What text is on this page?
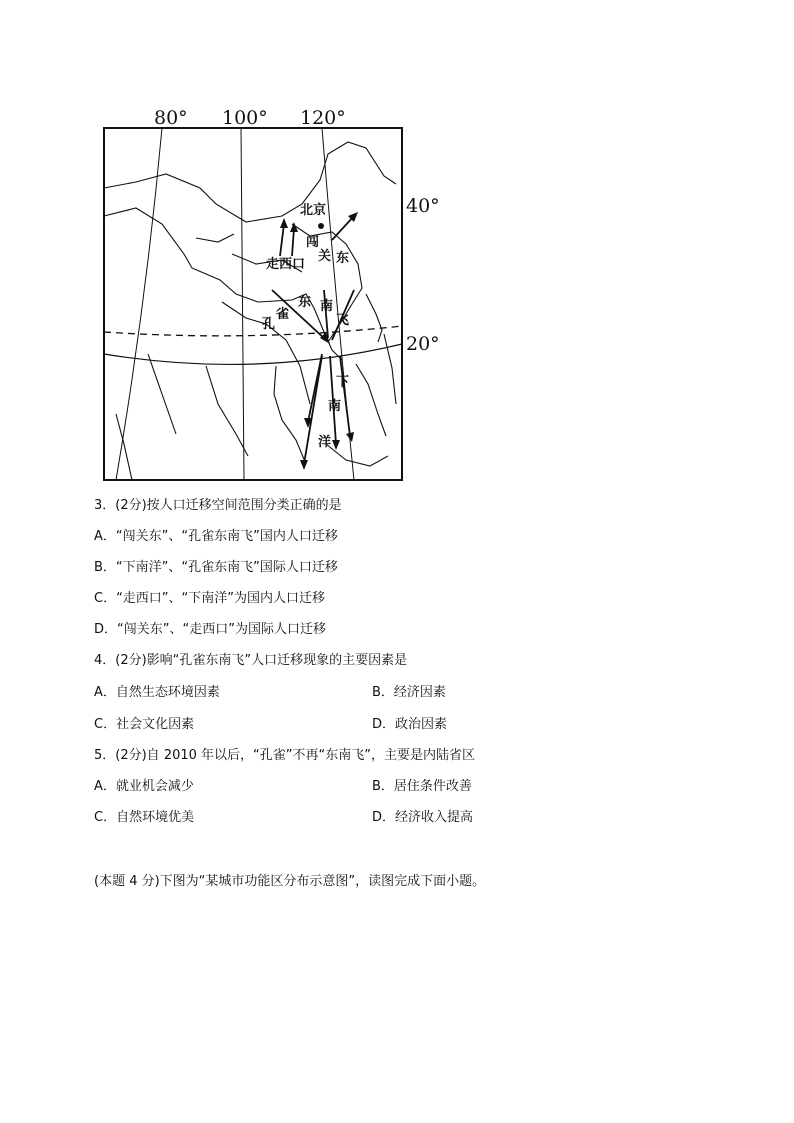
80° 100° 120°
40°
20°
北京
闯
关 东
走西口
孔
雀
东 南
飞
下
南
洋
3．(2分)按人口迁移空间范围分类正确的是
A．“闯关东”、“孔雀东南飞”国内人口迁移
B．“下南洋”、“孔雀东南飞”国际人口迁移
C．“走西口”、“下南洋”为国内人口迁移
D．“闯关东”、“走西口”为国际人口迁移
4．(2分)影响“孔雀东南飞”人口迁移现象的主要因素是
A．自然生态环境因素	B．经济因素
C．社会文化因素	D．政治因素
5．(2分)自 2010 年以后，“孔雀”不再“东南飞”，主要是内陆省区
A．就业机会减少	B．居住条件改善
C．自然环境优美	D．经济收入提高
(本题 4 分)下图为“某城市功能区分布示意图”，读图完成下面小题。
